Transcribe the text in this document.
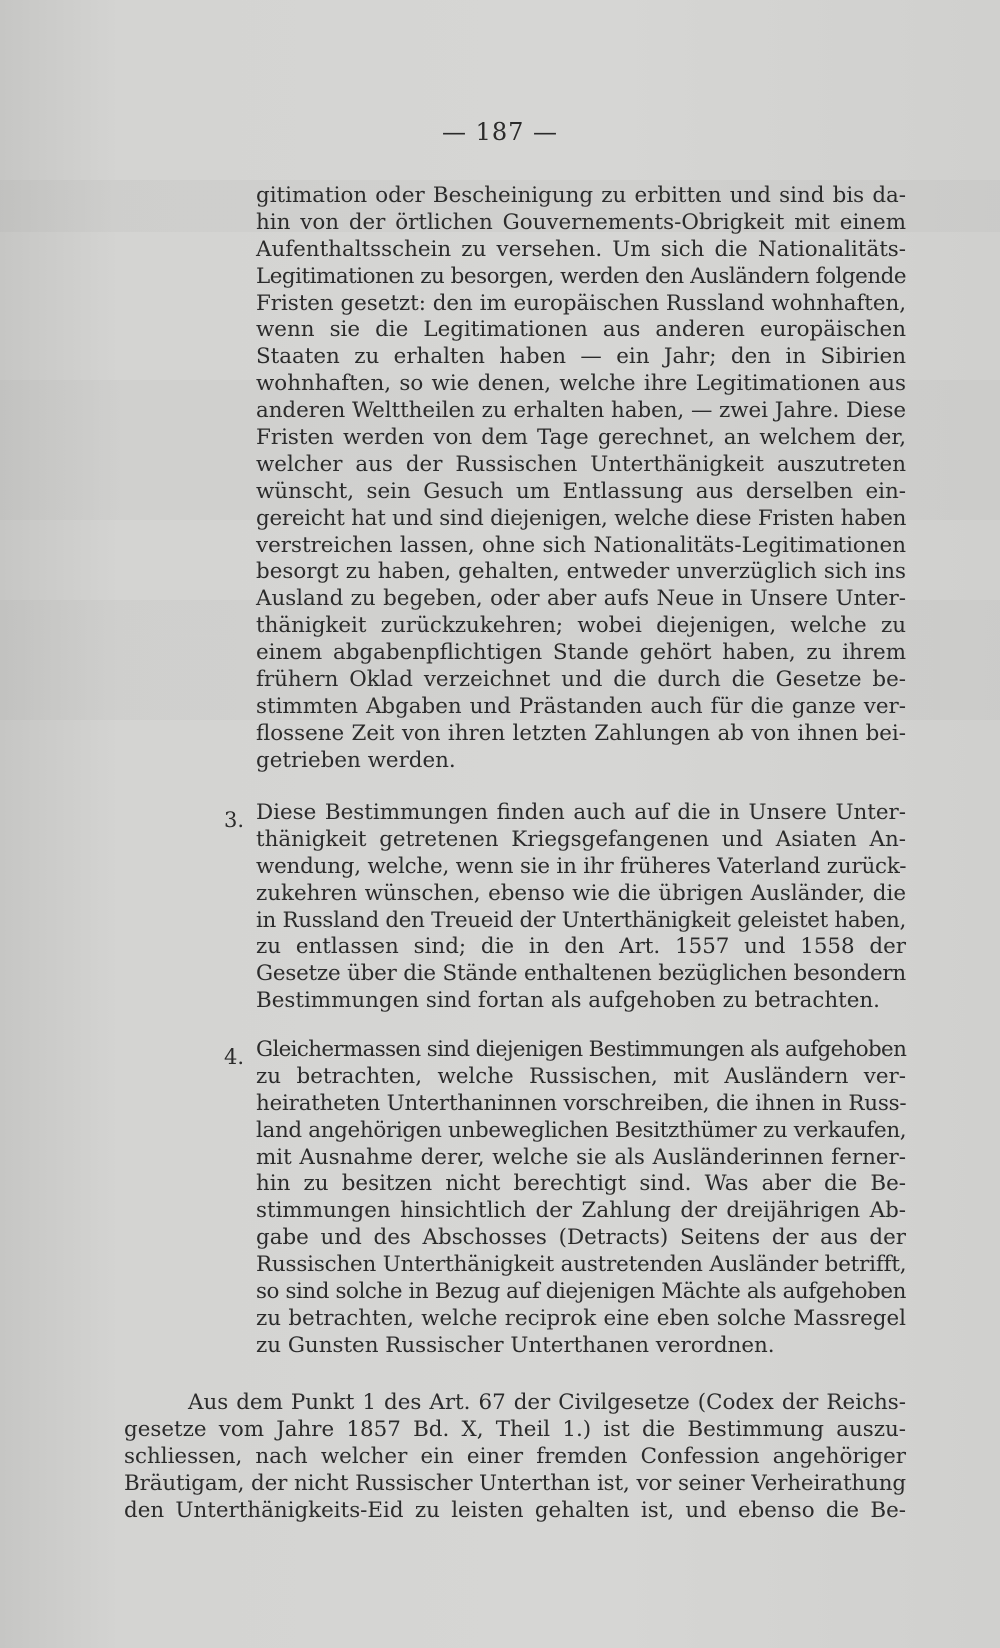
— 187 —
gitimation oder Bescheinigung zu erbitten und sind bis da-
hin von der örtlichen Gouvernements-Obrigkeit mit einem
Aufenthaltsschein zu versehen. Um sich die Nationalitäts-
Legitimationen zu besorgen, werden den Ausländern folgende
Fristen gesetzt: den im europäischen Russland wohnhaften,
wenn sie die Legitimationen aus anderen europäischen
Staaten zu erhalten haben — ein Jahr; den in Sibirien
wohnhaften, so wie denen, welche ihre Legitimationen aus
anderen Welttheilen zu erhalten haben, — zwei Jahre. Diese
Fristen werden von dem Tage gerechnet, an welchem der,
welcher aus der Russischen Unterthänigkeit auszutreten
wünscht, sein Gesuch um Entlassung aus derselben ein-
gereicht hat und sind diejenigen, welche diese Fristen haben
verstreichen lassen, ohne sich Nationalitäts-Legitimationen
besorgt zu haben, gehalten, entweder unverzüglich sich ins
Ausland zu begeben, oder aber aufs Neue in Unsere Unter-
thänigkeit zurückzukehren; wobei diejenigen, welche zu
einem abgabenpflichtigen Stande gehört haben, zu ihrem
frühern Oklad verzeichnet und die durch die Gesetze be-
stimmten Abgaben und Prästanden auch für die ganze ver-
flossene Zeit von ihren letzten Zahlungen ab von ihnen bei-
getrieben werden.
3. Diese Bestimmungen finden auch auf die in Unsere Unter-
thänigkeit getretenen Kriegsgefangenen und Asiaten An-
wendung, welche, wenn sie in ihr früheres Vaterland zurück-
zukehren wünschen, ebenso wie die übrigen Ausländer, die
in Russland den Treueid der Unterthänigkeit geleistet haben,
zu entlassen sind; die in den Art. 1557 und 1558 der
Gesetze über die Stände enthaltenen bezüglichen besondern
Bestimmungen sind fortan als aufgehoben zu betrachten.
4. Gleichermassen sind diejenigen Bestimmungen als aufgehoben
zu betrachten, welche Russischen, mit Ausländern ver-
heiratheten Unterthaninnen vorschreiben, die ihnen in Russ-
land angehörigen unbeweglichen Besitzthümer zu verkaufen,
mit Ausnahme derer, welche sie als Ausländerinnen ferner-
hin zu besitzen nicht berechtigt sind. Was aber die Be-
stimmungen hinsichtlich der Zahlung der dreijährigen Ab-
gabe und des Abschosses (Detracts) Seitens der aus der
Russischen Unterthänigkeit austretenden Ausländer betrifft,
so sind solche in Bezug auf diejenigen Mächte als aufgehoben
zu betrachten, welche reciprok eine eben solche Massregel
zu Gunsten Russischer Unterthanen verordnen.
Aus dem Punkt 1 des Art. 67 der Civilgesetze (Codex der Reichs-
gesetze vom Jahre 1857 Bd. X, Theil 1.) ist die Bestimmung auszu-
schliessen, nach welcher ein einer fremden Confession angehöriger
Bräutigam, der nicht Russischer Unterthan ist, vor seiner Verheirathung
den Unterthänigkeits-Eid zu leisten gehalten ist, und ebenso die Be-
